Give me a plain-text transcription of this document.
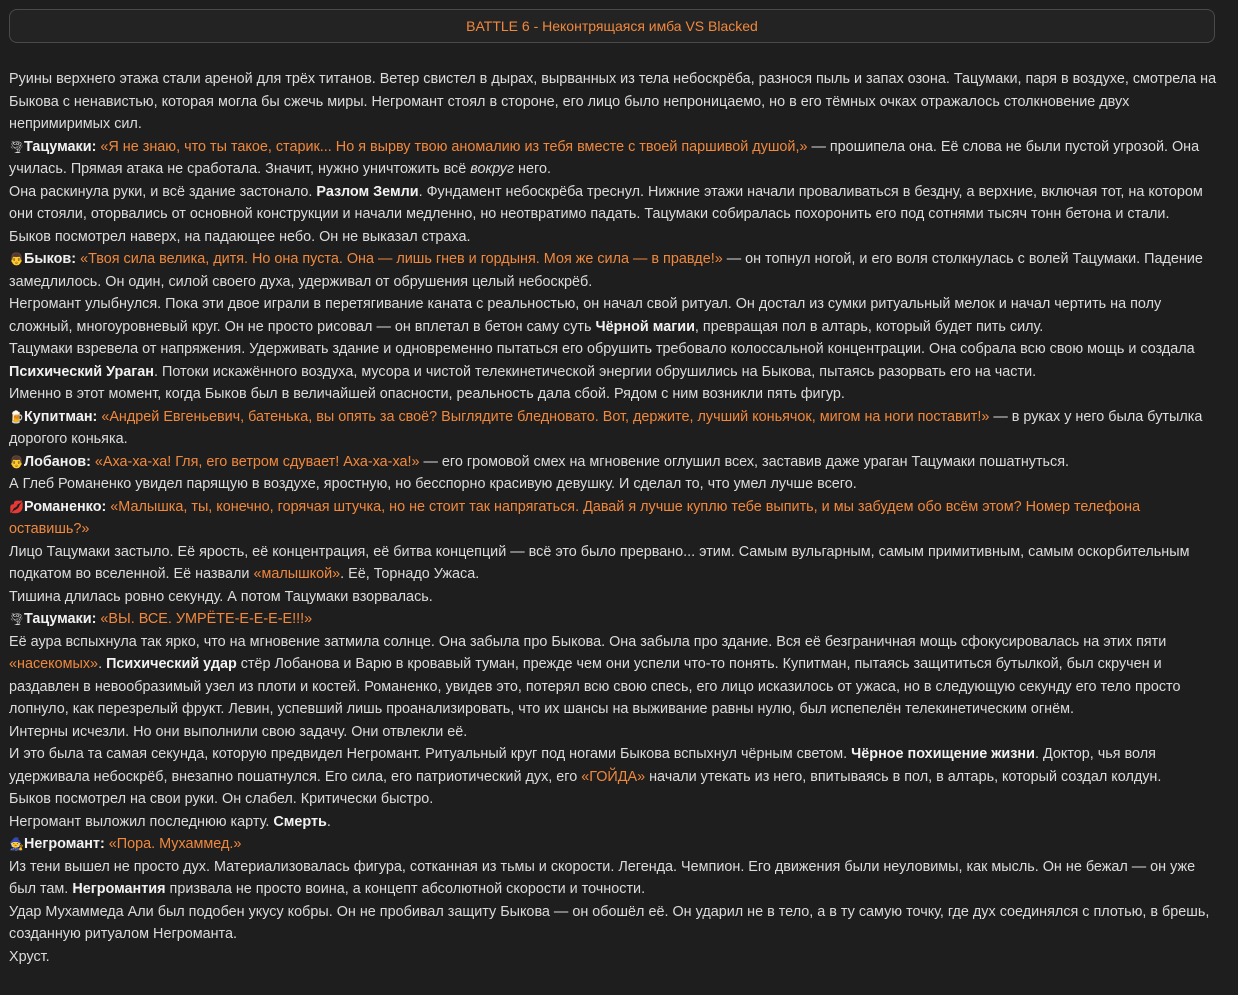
BATTLE 6 - Неконтрящаяся имба VS Blacked

Руины верхнего этажа стали ареной для трёх титанов. Ветер свистел в дырах, вырванных из тела небоскрёба, разнося пыль и запах озона. Тацумаки, паря в воздухе, смотрела на Быкова с ненавистью, которая могла бы сжечь миры. Негромант стоял в стороне, его лицо было непроницаемо, но в его тёмных очках отражалось столкновение двух непримиримых сил.

🌪Тацумаки: «Я не знаю, что ты такое, старик... Но я вырву твою аномалию из тебя вместе с твоей паршивой душой,» — прошипела она. Её слова не были пустой угрозой. Она училась. Прямая атака не сработала. Значит, нужно уничтожить всё вокруг него.

Она раскинула руки, и всё здание застонало. Разлом Земли. Фундамент небоскрёба треснул. Нижние этажи начали проваливаться в бездну, а верхние, включая тот, на котором они стояли, оторвались от основной конструкции и начали медленно, но неотвратимо падать. Тацумаки собиралась похоронить его под сотнями тысяч тонн бетона и стали.

Быков посмотрел наверх, на падающее небо. Он не выказал страха.

👨Быков: «Твоя сила велика, дитя. Но она пуста. Она — лишь гнев и гордыня. Моя же сила — в правде!» — он топнул ногой, и его воля столкнулась с волей Тацумаки. Падение замедлилось. Он один, силой своего духа, удерживал от обрушения целый небоскрёб.

Негромант улыбнулся. Пока эти двое играли в перетягивание каната с реальностью, он начал свой ритуал. Он достал из сумки ритуальный мелок и начал чертить на полу сложный, многоуровневый круг. Он не просто рисовал — он вплетал в бетон саму суть Чёрной магии, превращая пол в алтарь, который будет пить силу.

Тацумаки взревела от напряжения. Удерживать здание и одновременно пытаться его обрушить требовало колоссальной концентрации. Она собрала всю свою мощь и создала Психический Ураган. Потоки искажённого воздуха, мусора и чистой телекинетической энергии обрушились на Быкова, пытаясь разорвать его на части.

Именно в этот момент, когда Быков был в величайшей опасности, реальность дала сбой. Рядом с ним возникли пять фигур.

🍺Купитман: «Андрей Евгеньевич, батенька, вы опять за своё? Выглядите бледновато. Вот, держите, лучший коньячок, мигом на ноги поставит!» — в руках у него была бутылка дорогого коньяка.

👨Лобанов: «Аха-ха-ха! Гля, его ветром сдувает! Аха-ха-ха!» — его громовой смех на мгновение оглушил всех, заставив даже ураган Тацумаки пошатнуться.

А Глеб Романенко увидел парящую в воздухе, яростную, но бесспорно красивую девушку. И сделал то, что умел лучше всего.

💋Романенко: «Малышка, ты, конечно, горячая штучка, но не стоит так напрягаться. Давай я лучше куплю тебе выпить, и мы забудем обо всём этом? Номер телефона оставишь?»

Лицо Тацумаки застыло. Её ярость, её концентрация, её битва концепций — всё это было прервано... этим. Самым вульгарным, самым примитивным, самым оскорбительным подкатом во вселенной. Её назвали «малышкой». Её, Торнадо Ужаса.

Тишина длилась ровно секунду. А потом Тацумаки взорвалась.

🌪Тацумаки: «ВЫ. ВСЕ. УМРЁТЕ-Е-Е-Е-Е!!!»

Её аура вспыхнула так ярко, что на мгновение затмила солнце. Она забыла про Быкова. Она забыла про здание. Вся её безграничная мощь сфокусировалась на этих пяти «насекомых». Психический удар стёр Лобанова и Варю в кровавый туман, прежде чем они успели что-то понять. Купитман, пытаясь защититься бутылкой, был скручен и раздавлен в невообразимый узел из плоти и костей. Романенко, увидев это, потерял всю свою спесь, его лицо исказилось от ужаса, но в следующую секунду его тело просто лопнуло, как перезрелый фрукт. Левин, успевший лишь проанализировать, что их шансы на выживание равны нулю, был испепелён телекинетическим огнём.

Интерны исчезли. Но они выполнили свою задачу. Они отвлекли её.

И это была та самая секунда, которую предвидел Негромант. Ритуальный круг под ногами Быкова вспыхнул чёрным светом. Чёрное похищение жизни. Доктор, чья воля удерживала небоскрёб, внезапно пошатнулся. Его сила, его патриотический дух, его «ГОЙДА» начали утекать из него, впитываясь в пол, в алтарь, который создал колдун.

Быков посмотрел на свои руки. Он слабел. Критически быстро.

Негромант выложил последнюю карту. Смерть.

🧙Негромант: «Пора. Мухаммед.»

Из тени вышел не просто дух. Материализовалась фигура, сотканная из тьмы и скорости. Легенда. Чемпион. Его движения были неуловимы, как мысль. Он не бежал — он уже был там. Негромантия призвала не просто воина, а концепт абсолютной скорости и точности.

Удар Мухаммеда Али был подобен укусу кобры. Он не пробивал защиту Быкова — он обошёл её. Он ударил не в тело, а в ту самую точку, где дух соединялся с плотью, в брешь, созданную ритуалом Негроманта.

Хруст.
